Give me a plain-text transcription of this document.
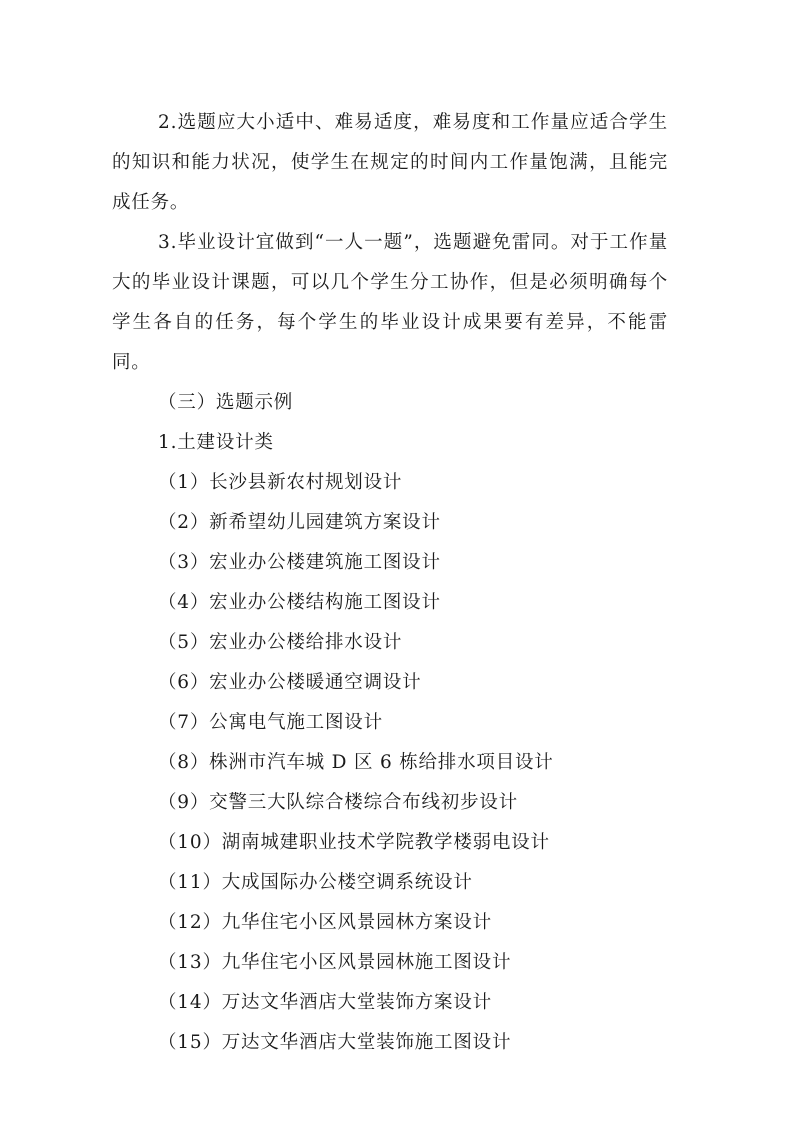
2.选题应大小适中、难易适度，难易度和工作量应适合学生的知识和能力状况，使学生在规定的时间内工作量饱满，且能完成任务。

3.毕业设计宜做到“一人一题”，选题避免雷同。对于工作量大的毕业设计课题，可以几个学生分工协作，但是必须明确每个学生各自的任务，每个学生的毕业设计成果要有差异，不能雷同。

（三）选题示例

1.土建设计类

（1）长沙县新农村规划设计

（2）新希望幼儿园建筑方案设计

（3）宏业办公楼建筑施工图设计

（4）宏业办公楼结构施工图设计

（5）宏业办公楼给排水设计

（6）宏业办公楼暖通空调设计

（7）公寓电气施工图设计

（8）株洲市汽车城 D 区 6 栋给排水项目设计

（9）交警三大队综合楼综合布线初步设计

（10）湖南城建职业技术学院教学楼弱电设计

（11）大成国际办公楼空调系统设计

（12）九华住宅小区风景园林方案设计

（13）九华住宅小区风景园林施工图设计

（14）万达文华酒店大堂装饰方案设计

（15）万达文华酒店大堂装饰施工图设计
